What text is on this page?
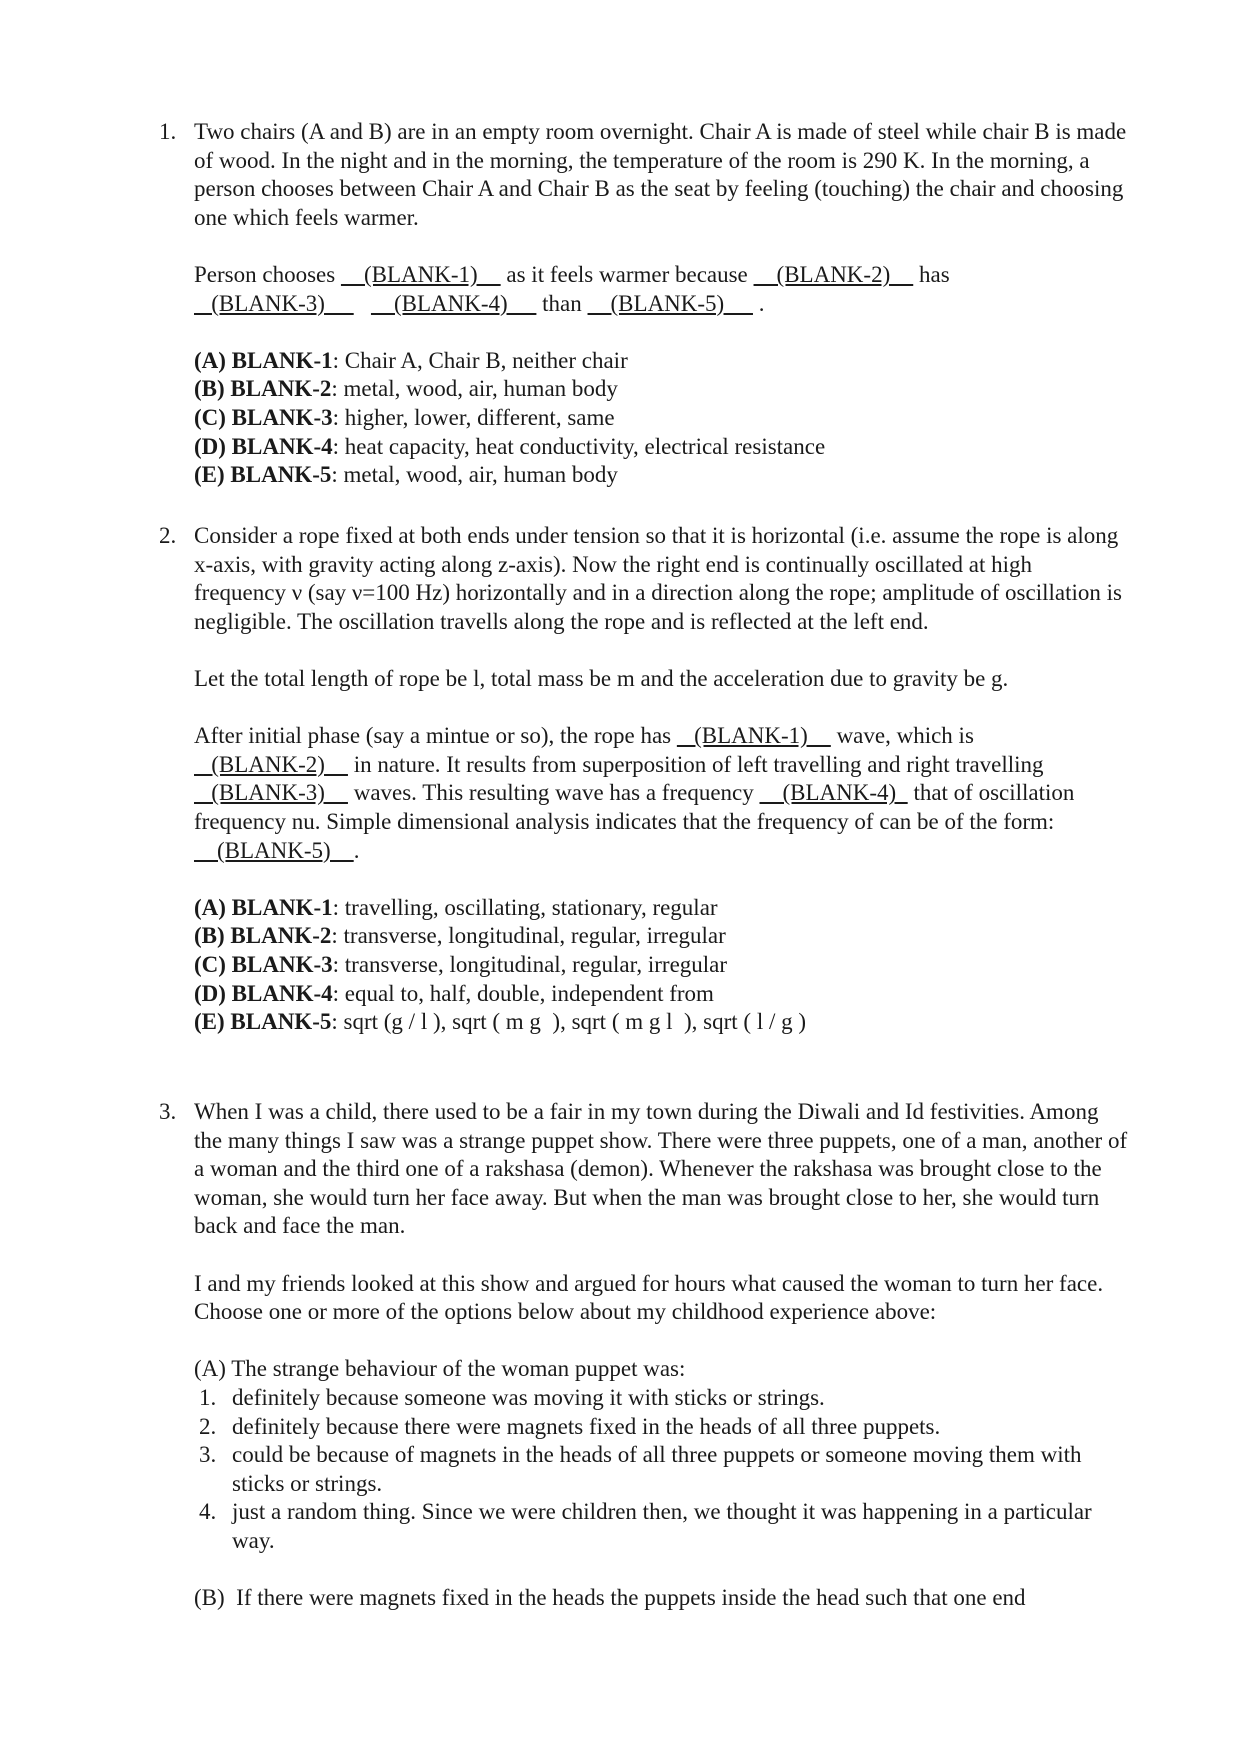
1. Two chairs (A and B) are in an empty room overnight. Chair A is made of steel while chair B is made of wood. In the night and in the morning, the temperature of the room is 290 K. In the morning, a person chooses between Chair A and Chair B as the seat by feeling (touching) the chair and choosing one which feels warmer.

Person chooses     (BLANK-1)     as it feels warmer because     (BLANK-2)     has
(BLANK-3)            (BLANK-4)      than     (BLANK-5)      .

(A) BLANK-1: Chair A, Chair B, neither chair

(B) BLANK-2: metal, wood, air, human body

(C) BLANK-3: higher, lower, different, same

(D) BLANK-4: heat capacity, heat conductivity, electrical resistance

(E) BLANK-5: metal, wood, air, human body

2. Consider a rope fixed at both ends under tension so that it is horizontal (i.e. assume the rope is along x-axis, with gravity acting along z-axis). Now the right end is continually oscillated at high frequency ν (say ν=100 Hz) horizontally and in a direction along the rope; amplitude of oscillation is negligible. The oscillation travells along the rope and is reflected at the left end.

Let the total length of rope be l, total mass be m and the acceleration due to gravity be g.

After initial phase (say a mintue or so), the rope has    (BLANK-1)     wave, which is    (BLANK-2)     in nature. It results from superposition of left travelling and right travelling    (BLANK-3)     waves. This resulting wave has a frequency     (BLANK-4)   that of oscillation frequency nu. Simple dimensional analysis indicates that the frequency of can be of the form:     (BLANK-5)    .

(A) BLANK-1: travelling, oscillating, stationary, regular

(B) BLANK-2: transverse, longitudinal, regular, irregular

(C) BLANK-3: transverse, longitudinal, regular, irregular

(D) BLANK-4: equal to, half, double, independent from

(E) BLANK-5: sqrt (g / l ), sqrt ( m g  ), sqrt ( m g l  ), sqrt ( l / g )

3. When I was a child, there used to be a fair in my town during the Diwali and Id festivities. Among the many things I saw was a strange puppet show. There were three puppets, one of a man, another of a woman and the third one of a rakshasa (demon). Whenever the rakshasa was brought close to the woman, she would turn her face away. But when the man was brought close to her, she would turn back and face the man.

I and my friends looked at this show and argued for hours what caused the woman to turn her face. Choose one or more of the options below about my childhood experience above:

(A) The strange behaviour of the woman puppet was:

1. definitely because someone was moving it with sticks or strings.

2. definitely because there were magnets fixed in the heads of all three puppets.

3. could be because of magnets in the heads of all three puppets or someone moving them with sticks or strings.

4. just a random thing. Since we were children then, we thought it was happening in a particular way.

(B)  If there were magnets fixed in the heads the puppets inside the head such that one end
